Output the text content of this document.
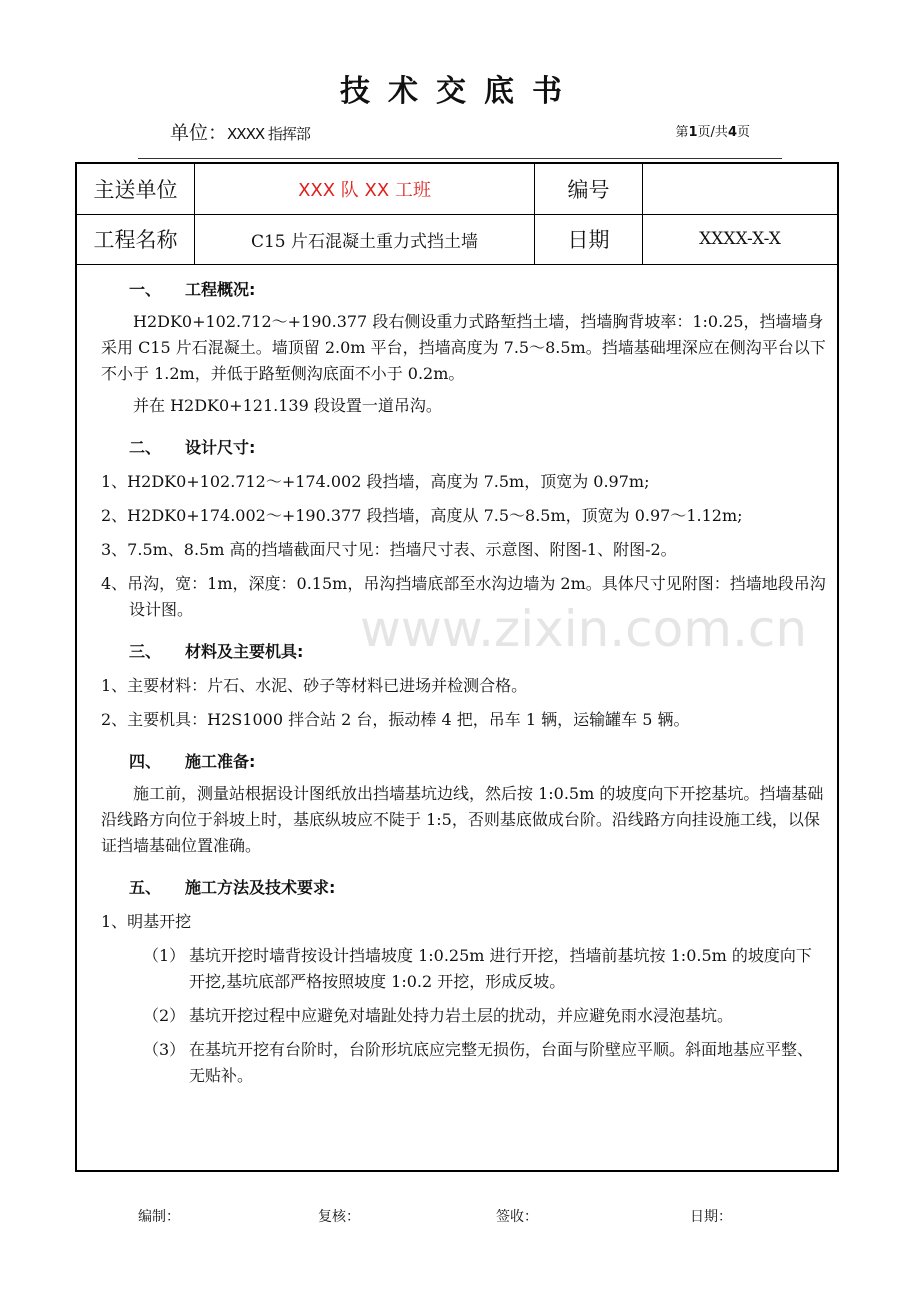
技术交底书
单位：XXXX 指挥部	第1页/共4页
主送单位	XXX 队 XX 工班	编号
工程名称	C15 片石混凝土重力式挡土墙	日期	XXXX-X-X
一、 工程概况:
H2DK0+102.712～+190.377 段右侧设重力式路堑挡土墙，挡墙胸背坡率：1:0.25，挡墙墙身采用 C15 片石混凝土。墙顶留 2.0m 平台，挡墙高度为 7.5～8.5m。挡墙基础埋深应在侧沟平台以下不小于 1.2m，并低于路堑侧沟底面不小于 0.2m。
并在 H2DK0+121.139 段设置一道吊沟。
二、 设计尺寸:
1、H2DK0+102.712～+174.002 段挡墙，高度为 7.5m，顶宽为 0.97m;
2、H2DK0+174.002～+190.377 段挡墙，高度从 7.5～8.5m，顶宽为 0.97～1.12m;
3、7.5m、8.5m 高的挡墙截面尺寸见：挡墙尺寸表、示意图、附图-1、附图-2。
4、吊沟，宽：1m，深度：0.15m，吊沟挡墙底部至水沟边墙为 2m。具体尺寸见附图：挡墙地段吊沟设计图。
三、 材料及主要机具:
1、主要材料：片石、水泥、砂子等材料已进场并检测合格。
2、主要机具：H2S1000 拌合站 2 台，振动棒 4 把，吊车 1 辆，运输罐车 5 辆。
四、 施工准备:
施工前，测量站根据设计图纸放出挡墙基坑边线，然后按 1:0.5m 的坡度向下开挖基坑。挡墙基础沿线路方向位于斜坡上时，基底纵坡应不陡于 1:5，否则基底做成台阶。沿线路方向挂设施工线，以保证挡墙基础位置准确。
五、 施工方法及技术要求:
1、明基开挖
（1） 基坑开挖时墙背按设计挡墙坡度 1:0.25m 进行开挖，挡墙前基坑按 1:0.5m 的坡度向下开挖,基坑底部严格按照坡度 1:0.2 开挖，形成反坡。
（2） 基坑开挖过程中应避免对墙趾处持力岩土层的扰动，并应避免雨水浸泡基坑。
（3） 在基坑开挖有台阶时，台阶形坑底应完整无损伤，台面与阶壁应平顺。斜面地基应平整、无贴补。
www.zixin.com.cn
编制：	复核：	签收：	日期：
